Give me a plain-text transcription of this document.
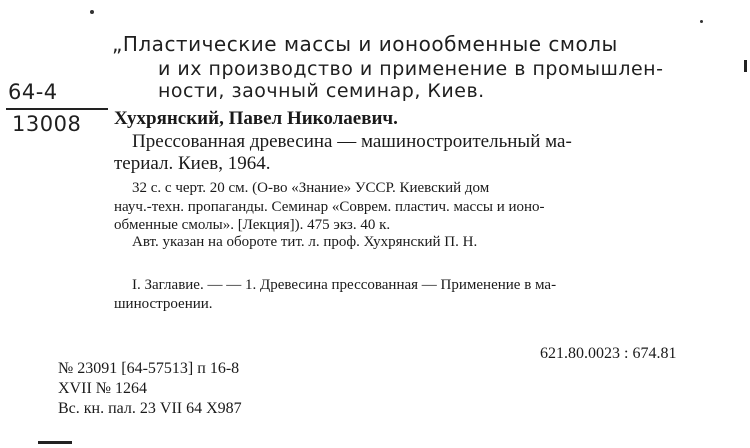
„Пластические массы и ионообменные смолы
и их производство и применение в промышлен-
ности, заочный семинар, Киев.
64-4
13008 Хухрянский, Павел Николаевич.
Прессованная древесина — машиностроительный ма-
териал. Киев, 1964.
32 с. с черт. 20 см. (О-во «Знание» УССР. Киевский дом
науч.-техн. пропаганды. Семинар «Соврем. пластич. массы и ионо-
обменные смолы». [Лекция]). 475 экз. 40 к.
Авт. указан на обороте тит. л. проф. Хухрянский П. Н.
I. Заглавие. — — 1. Древесина прессованная — Применение в ма-
шиностроении.
621.80.0023 : 674.81
№ 23091 [64-57513] п 16-8
XVII № 1264
Вс. кн. пал. 23 VII 64 X987
